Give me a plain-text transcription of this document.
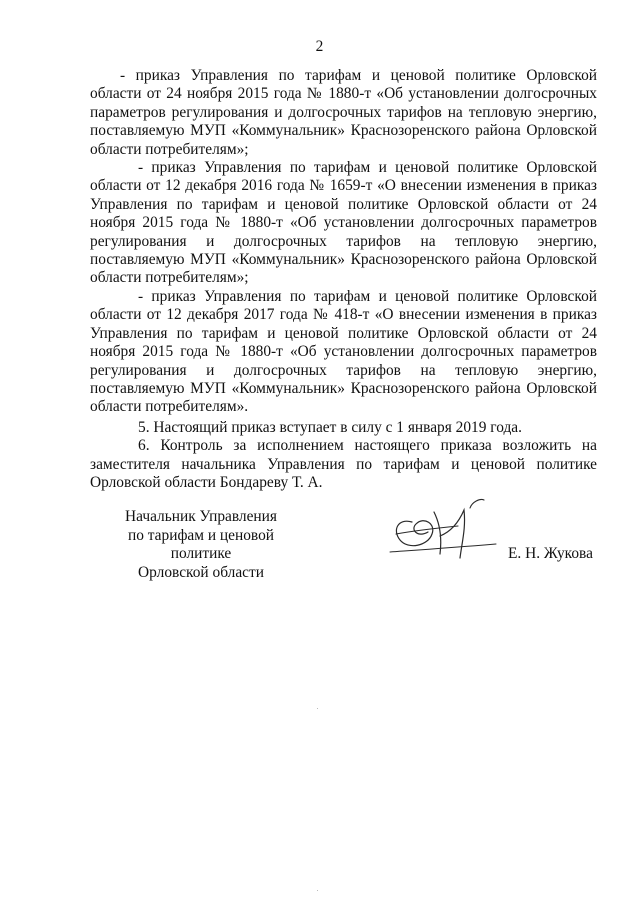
2

- приказ Управления по тарифам и ценовой политике Орловской области от 24 ноября 2015 года № 1880-т «Об установлении долгосрочных параметров регулирования и долгосрочных тарифов на тепловую энергию, поставляемую МУП «Коммунальник» Краснозоренского района Орловской области потребителям»;

- приказ Управления по тарифам и ценовой политике Орловской области от 12 декабря 2016 года № 1659-т «О внесении изменения в приказ Управления по тарифам и ценовой политике Орловской области от 24 ноября 2015 года № 1880-т «Об установлении долгосрочных параметров регулирования и долгосрочных тарифов на тепловую энергию, поставляемую МУП «Коммунальник» Краснозоренского района Орловской области потребителям»;

- приказ Управления по тарифам и ценовой политике Орловской области от 12 декабря 2017 года № 418-т «О внесении изменения в приказ Управления по тарифам и ценовой политике Орловской области от 24 ноября 2015 года № 1880-т «Об установлении долгосрочных параметров регулирования и долгосрочных тарифов на тепловую энергию, поставляемую МУП «Коммунальник» Краснозоренского района Орловской области потребителям».

5. Настоящий приказ вступает в силу с 1 января 2019 года.

6. Контроль за исполнением настоящего приказа возложить на заместителя начальника Управления по тарифам и ценовой политике Орловской области Бондареву Т. А.

Начальник Управления
по тарифам и ценовой политике
Орловской области
Е. Н. Жукова
